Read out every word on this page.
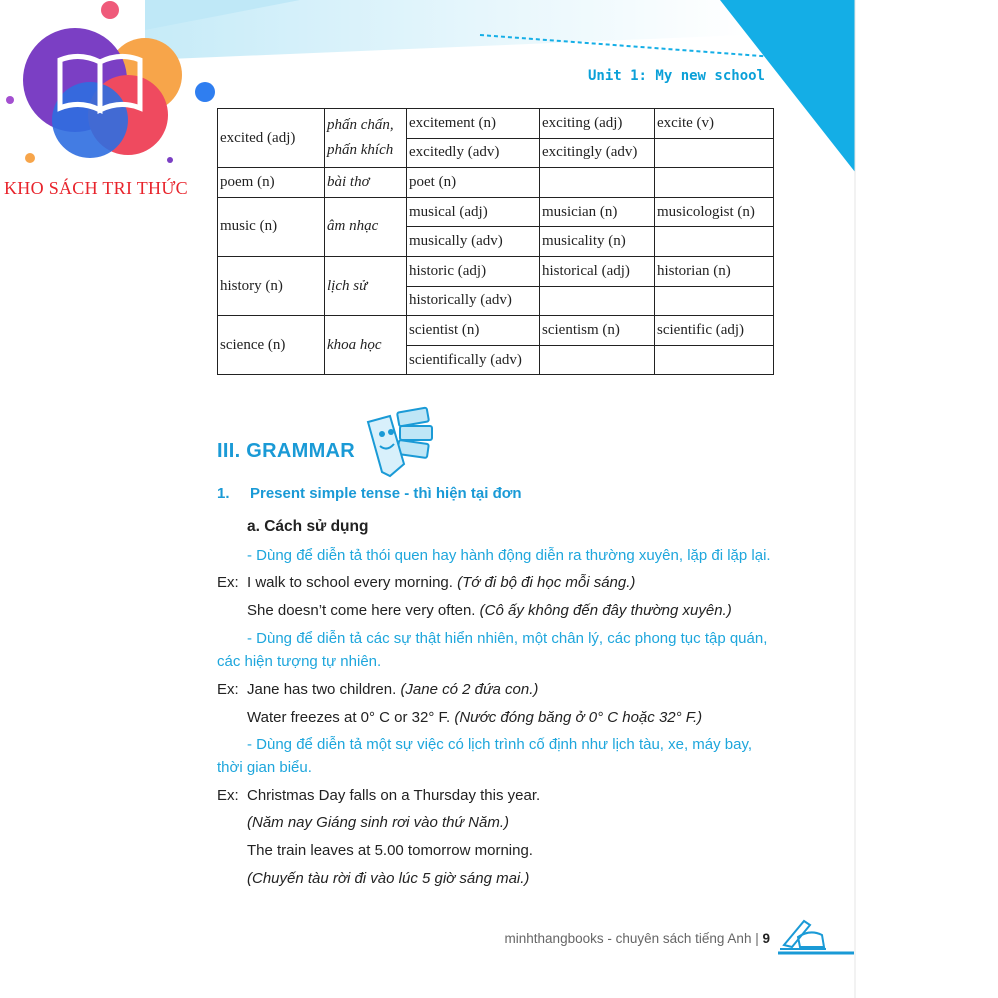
KHO SÁCH TRI THỨC
Unit 1: My new school
excited (adj)	phấn chấn, phấn khích	excitement (n)	exciting (adj)	excite (v)
		excitedly (adv)	excitingly (adv)	
poem (n)	bài thơ	poet (n)		
music (n)	âm nhạc	musical (adj)	musician (n)	musicologist (n)
		musically (adv)	musicality (n)	
history (n)	lịch sử	historic (adj)	historical (adj)	historian (n)
		historically (adv)		
science (n)	khoa học	scientist (n)	scientism (n)	scientific (adj)
		scientifically (adv)		
III. GRAMMAR
1. Present simple tense - thì hiện tại đơn
a. Cách sử dụng
- Dùng để diễn tả thói quen hay hành động diễn ra thường xuyên, lặp đi lặp lại.
Ex: I walk to school every morning. (Tớ đi bộ đi học mỗi sáng.)
She doesn’t come here very often. (Cô ấy không đến đây thường xuyên.)
- Dùng để diễn tả các sự thật hiển nhiên, một chân lý, các phong tục tập quán,
các hiện tượng tự nhiên.
Ex: Jane has two children. (Jane có 2 đứa con.)
Water freezes at 0° C or 32° F. (Nước đóng băng ở 0° C hoặc 32° F.)
- Dùng để diễn tả một sự việc có lịch trình cố định như lịch tàu, xe, máy bay,
thời gian biểu.
Ex: Christmas Day falls on a Thursday this year.
(Năm nay Giáng sinh rơi vào thứ Năm.)
The train leaves at 5.00 tomorrow morning.
(Chuyến tàu rời đi vào lúc 5 giờ sáng mai.)
minhthangbooks - chuyên sách tiếng Anh | 9
